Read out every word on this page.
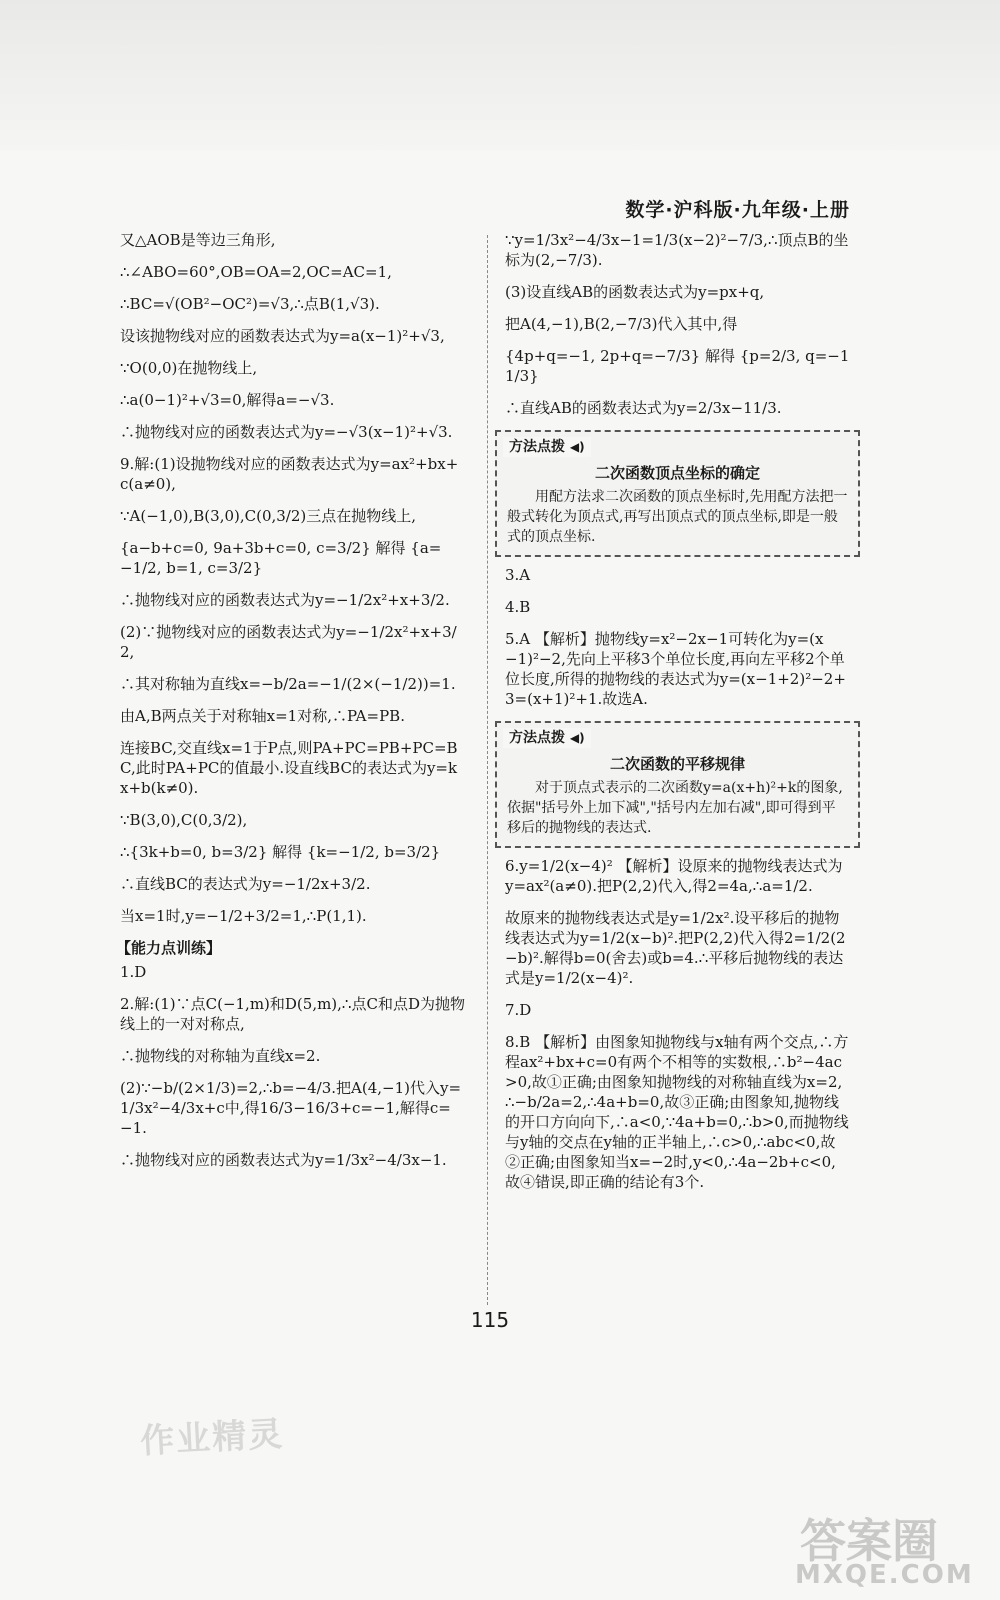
数学·沪科版·九年级·上册
又△AOB是等边三角形,
∴∠ABO=60°,OB=OA=2,OC=AC=1,
∴BC=√(OB²−OC²)=√3,∴点B(1,√3).
设该抛物线对应的函数表达式为y=a(x−1)²+√3,
∵O(0,0)在抛物线上,
∴a(0−1)²+√3=0,解得a=−√3.
∴抛物线对应的函数表达式为y=−√3(x−1)²+√3.
9.解:(1)设抛物线对应的函数表达式为y=ax²+bx+c(a≠0),
∵A(−1,0),B(3,0),C(0,3/2)三点在抛物线上,
{a−b+c=0, 9a+3b+c=0, c=3/2} 解得 {a=−1/2, b=1, c=3/2}
∴抛物线对应的函数表达式为y=−1/2x²+x+3/2.
(2)∵抛物线对应的函数表达式为y=−1/2x²+x+3/2,
∴其对称轴为直线x=−b/2a=−1/(2×(−1/2))=1.
由A,B两点关于对称轴x=1对称,∴PA=PB.
连接BC,交直线x=1于P点,则PA+PC=PB+PC=BC,此时PA+PC的值最小.设直线BC的表达式为y=kx+b(k≠0).
∵B(3,0),C(0,3/2),
∴{3k+b=0, b=3/2} 解得 {k=−1/2, b=3/2}
∴直线BC的表达式为y=−1/2x+3/2.
当x=1时,y=−1/2+3/2=1,∴P(1,1).
【能力点训练】
1.D
2.解:(1)∵点C(−1,m)和D(5,m),∴点C和点D为抛物线上的一对对称点,
∴抛物线的对称轴为直线x=2.
(2)∵−b/(2×1/3)=2,∴b=−4/3.把A(4,−1)代入y=1/3x²−4/3x+c中,得16/3−16/3+c=−1,解得c=−1.
∴抛物线对应的函数表达式为y=1/3x²−4/3x−1.
∵y=1/3x²−4/3x−1=1/3(x−2)²−7/3,∴顶点B的坐标为(2,−7/3).
(3)设直线AB的函数表达式为y=px+q,
把A(4,−1),B(2,−7/3)代入其中,得
{4p+q=−1, 2p+q=−7/3} 解得 {p=2/3, q=−11/3}
∴直线AB的函数表达式为y=2/3x−11/3.
方法点拨 ◀)
二次函数顶点坐标的确定
用配方法求二次函数的顶点坐标时,先用配方法把一般式转化为顶点式,再写出顶点式的顶点坐标,即是一般式的顶点坐标.
3.A
4.B
5.A 【解析】抛物线y=x²−2x−1可转化为y=(x−1)²−2,先向上平移3个单位长度,再向左平移2个单位长度,所得的抛物线的表达式为y=(x−1+2)²−2+3=(x+1)²+1.故选A.
方法点拨 ◀)
二次函数的平移规律
对于顶点式表示的二次函数y=a(x+h)²+k的图象,依据"括号外上加下减","括号内左加右减",即可得到平移后的抛物线的表达式.
6.y=1/2(x−4)² 【解析】设原来的抛物线表达式为y=ax²(a≠0).把P(2,2)代入,得2=4a,∴a=1/2.
故原来的抛物线表达式是y=1/2x².设平移后的抛物线表达式为y=1/2(x−b)².把P(2,2)代入得2=1/2(2−b)².解得b=0(舍去)或b=4.∴平移后抛物线的表达式是y=1/2(x−4)².
7.D
8.B 【解析】由图象知抛物线与x轴有两个交点,∴方程ax²+bx+c=0有两个不相等的实数根,∴b²−4ac>0,故①正确;由图象知抛物线的对称轴直线为x=2,∴−b/2a=2,∴4a+b=0,故③正确;由图象知,抛物线的开口方向向下,∴a<0,∵4a+b=0,∴b>0,而抛物线与y轴的交点在y轴的正半轴上,∴c>0,∴abc<0,故②正确;由图象知当x=−2时,y<0,∴4a−2b+c<0,故④错误,即正确的结论有3个.
115
作业精灵
答案圈
MXQE.COM
